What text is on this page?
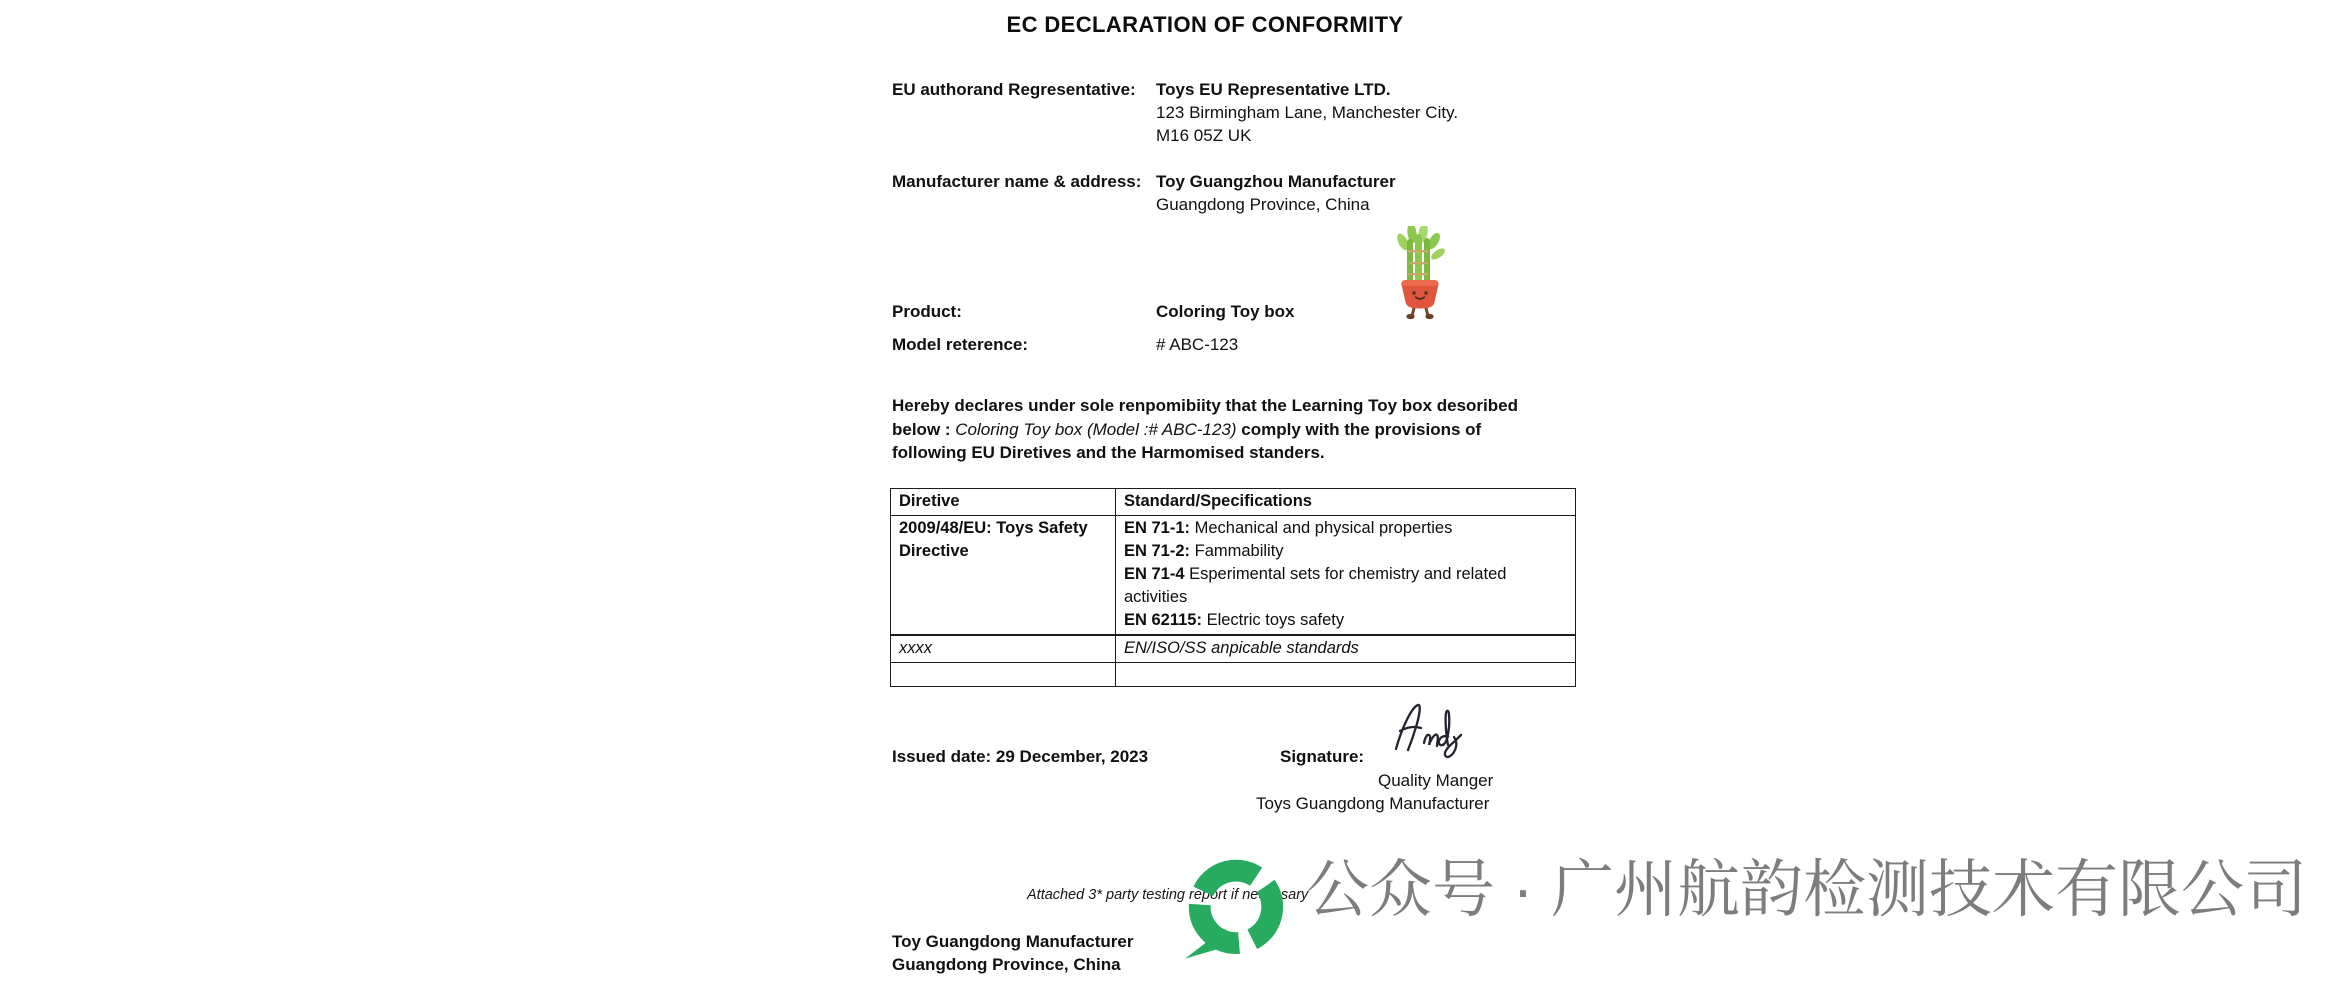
EC DECLARATION OF CONFORMITY
EU authorand Regresentative:	Toys EU Representative LTD.
123 Birmingham Lane, Manchester City.
M16 05Z UK
Manufacturer name & address: Toy Guangzhou Manufacturer
Guangdong Province, China
Product:	Coloring Toy box
Model reterence:	# ABC-123

Hereby declares under sole renpomibiity that the Learning Toy box desoribed below : Coloring Toy box (Model :# ABC-123) comply with the provisions of following EU Diretives and the Harmomised standers.

Diretive	Standard/Specifications
2009/48/EU: Toys Safety Directive	EN 71-1: Mechanical and physical properties
EN 71-2: Fammability
EN 71-4 Esperimental sets for chemistry and related activities
EN 62115: Electric toys safety

xxxx	EN/ISO/SS anpicable standards

Issued date: 29 December, 2023	Signature:
Quality Manger
Toys Guangdong Manufacturer
公众号 · 广州航韵检测技术有限公司
Attached 3* party testing report if necessary
Toy Guangdong Manufacturer
Guangdong Province, China
